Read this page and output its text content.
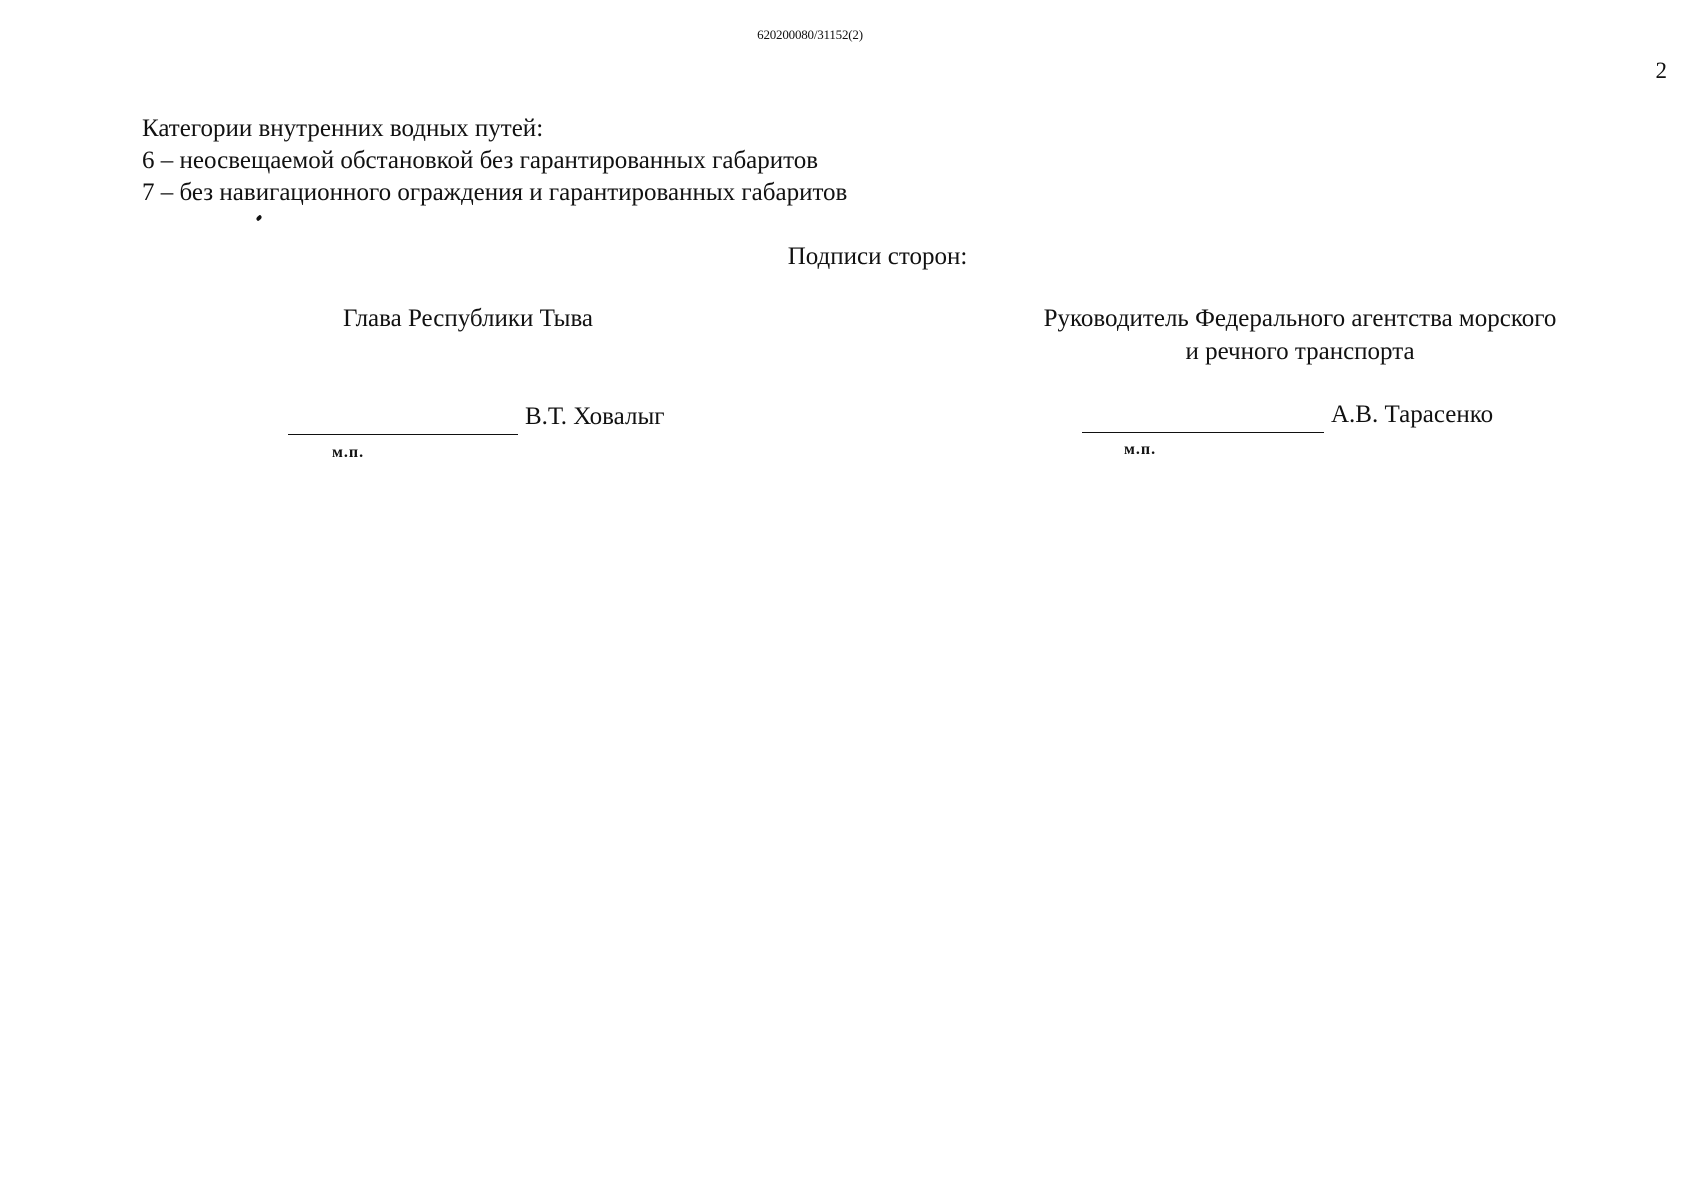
620200080/31152(2)
2
Категории внутренних водных путей:
6 – неосвещаемой обстановкой без гарантированных габаритов
7 – без навигационного ограждения и гарантированных габаритов
Подписи сторон:
Глава Республики Тыва	Руководитель Федерального агентства морского и речного транспорта
В.Т. Ховалыг
м.п.
А.В. Тарасенко
м.п.
